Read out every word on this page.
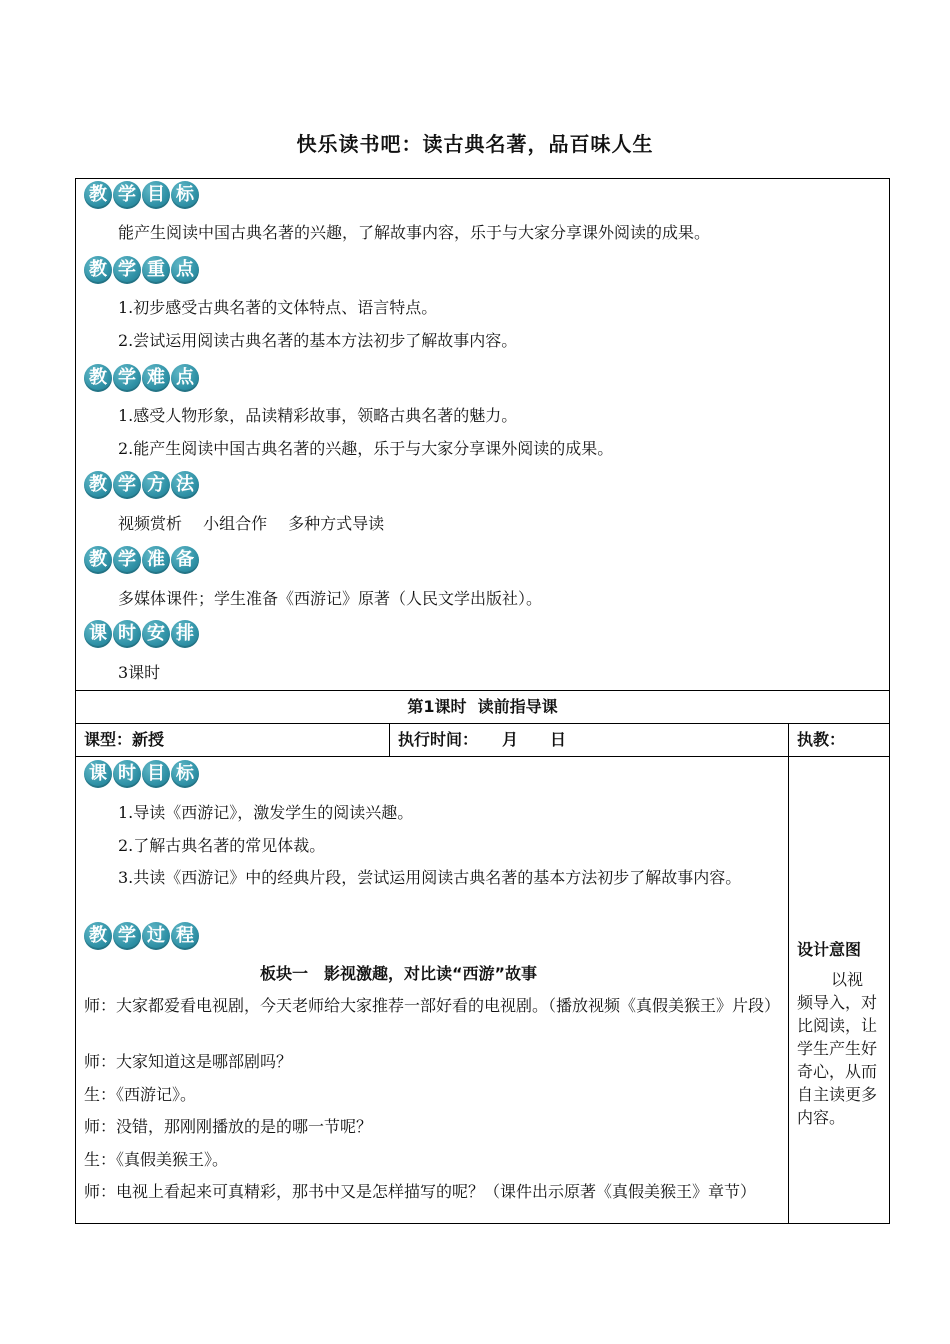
快乐读书吧：读古典名著，品百味人生
教 学 目 标
能产生阅读中国古典名著的兴趣，了解故事内容，乐于与大家分享课外阅读的成果。
教 学 重 点
1.初步感受古典名著的文体特点、语言特点。
2.尝试运用阅读古典名著的基本方法初步了解故事内容。
教 学 难 点
1.感受人物形象，品读精彩故事，领略古典名著的魅力。
2.能产生阅读中国古典名著的兴趣，乐于与大家分享课外阅读的成果。
教 学 方 法
视频赏析　 小组合作　 多种方式导读
教 学 准 备
多媒体课件；学生准备《西游记》原著（人民文学出版社）。
课 时 安 排
3课时
第1课时  读前指导课
课型：新授	执行时间：　　月　　日	执教：
课 时 目 标
1.导读《西游记》，激发学生的阅读兴趣。
2.了解古典名著的常见体裁。
3.共读《西游记》中的经典片段，尝试运用阅读古典名著的基本方法初步了解故事内容。
教 学 过 程
板块一　影视激趣，对比读“西游”故事
师：大家都爱看电视剧，今天老师给大家推荐一部好看的电视剧。（播放视频《真假美猴王》片段）
师：大家知道这是哪部剧吗？
生：《西游记》。
师：没错，那刚刚播放的是的哪一节呢？
生：《真假美猴王》。
师：电视上看起来可真精彩，那书中又是怎样描写的呢？（课件出示原著《真假美猴王》章节）
设计意图
以视频导入，对比阅读，让学生产生好奇心，从而自主读更多内容。
